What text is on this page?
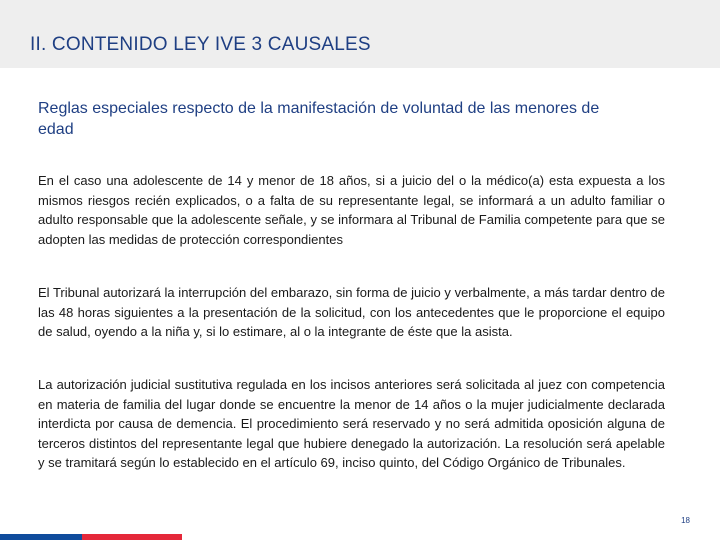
II. CONTENIDO LEY IVE 3 CAUSALES
Reglas especiales respecto de la manifestación de voluntad de las menores de edad

En el caso una adolescente de 14 y menor de 18 años, si a juicio del o la médico(a) esta expuesta a los mismos riesgos recién explicados, o a falta de su representante legal, se informará a un adulto familiar o adulto responsable que la adolescente señale, y se informara al Tribunal de Familia competente para que se adopten las medidas de protección correspondientes

El Tribunal autorizará la interrupción del embarazo, sin forma de juicio y verbalmente, a más tardar dentro de las 48 horas siguientes a la presentación de la solicitud, con los antecedentes que le proporcione el equipo de salud, oyendo a la niña y, si lo estimare, al o la integrante de éste que la asista.

La autorización judicial sustitutiva regulada en los incisos anteriores será solicitada al juez con competencia en materia de familia del lugar donde se encuentre la menor de 14 años o la mujer judicialmente declarada interdicta por causa de demencia. El procedimiento será reservado y no será admitida oposición alguna de terceros distintos del representante legal que hubiere denegado la autorización. La resolución será apelable y se tramitará según lo establecido en el artículo 69, inciso quinto, del Código Orgánico de Tribunales.

18
